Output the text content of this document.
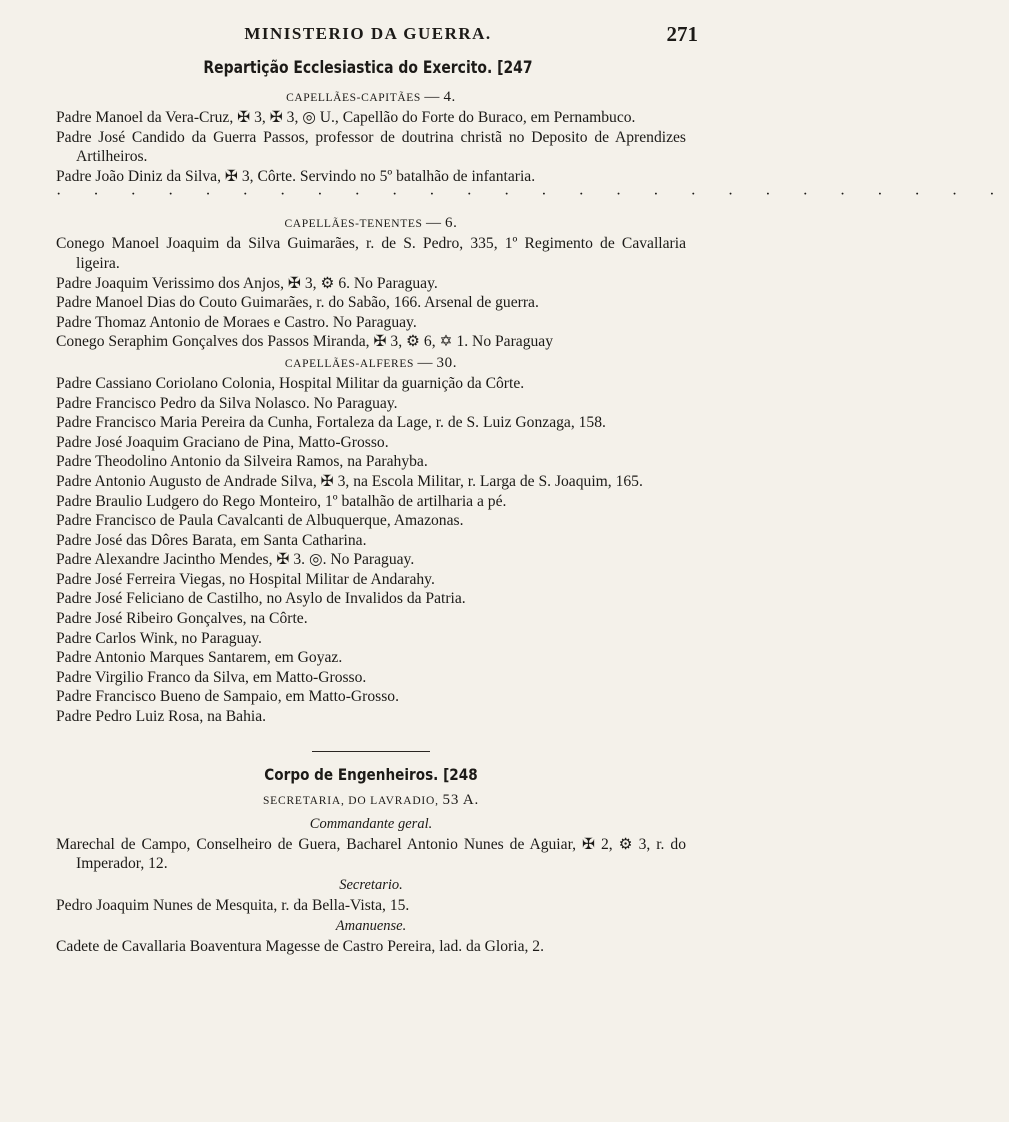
MINISTERIO DA GUERRA.	271
Repartição Ecclesiastica do Exercito. [247
CAPELLÃES-CAPITÃES — 4.

Padre Manoel da Vera-Cruz, ✠ 3, ✠ 3, ◎ U., Capellão do Forte do Buraco, em Pernambuco.

Padre José Candido da Guerra Passos, professor de doutrina christã no Deposito de Aprendizes Artilheiros.

Padre João Diniz da Silva, ✠ 3, Côrte. Servindo no 5º batalhão de infantaria.

· · · · · · · · · · · · · · · · · · · · · · · · · ·
CAPELLÃES-TENENTES — 6.

Conego Manoel Joaquim da Silva Guimarães, r. de S. Pedro, 335, 1º Regimento de Cavallaria ligeira.

Padre Joaquim Verissimo dos Anjos, ✠ 3, ⚙ 6. No Paraguay.

Padre Manoel Dias do Couto Guimarães, r. do Sabão, 166. Arsenal de guerra.

Padre Thomaz Antonio de Moraes e Castro. No Paraguay.

Conego Seraphim Gonçalves dos Passos Miranda, ✠ 3, ⚙ 6, ✡ 1. No Paraguay

CAPELLÃES-ALFERES — 30.

Padre Cassiano Coriolano Colonia, Hospital Militar da guarnição da Côrte.

Padre Francisco Pedro da Silva Nolasco. No Paraguay.

Padre Francisco Maria Pereira da Cunha, Fortaleza da Lage, r. de S. Luiz Gonzaga, 158.

Padre José Joaquim Graciano de Pina, Matto-Grosso.

Padre Theodolino Antonio da Silveira Ramos, na Parahyba.

Padre Antonio Augusto de Andrade Silva, ✠ 3, na Escola Militar, r. Larga de S. Joaquim, 165.

Padre Braulio Ludgero do Rego Monteiro, 1º batalhão de artilharia a pé.

Padre Francisco de Paula Cavalcanti de Albuquerque, Amazonas.

Padre José das Dôres Barata, em Santa Catharina.

Padre Alexandre Jacintho Mendes, ✠ 3. ◎. No Paraguay.

Padre José Ferreira Viegas, no Hospital Militar de Andarahy.

Padre José Feliciano de Castilho, no Asylo de Invalidos da Patria.

Padre José Ribeiro Gonçalves, na Côrte.

Padre Carlos Wink, no Paraguay.

Padre Antonio Marques Santarem, em Goyaz.

Padre Virgilio Franco da Silva, em Matto-Grosso.

Padre Francisco Bueno de Sampaio, em Matto-Grosso.

Padre Pedro Luiz Rosa, na Bahia.

Corpo de Engenheiros. [248
SECRETARIA, DO LAVRADIO, 53 A.
Commandante geral.

Marechal de Campo, Conselheiro de Guera, Bacharel Antonio Nunes de Aguiar, ✠ 2, ⚙ 3, r. do Imperador, 12.

Secretario.

Pedro Joaquim Nunes de Mesquita, r. da Bella-Vista, 15.

Amanuense.

Cadete de Cavallaria Boaventura Magesse de Castro Pereira, lad. da Gloria, 2.
